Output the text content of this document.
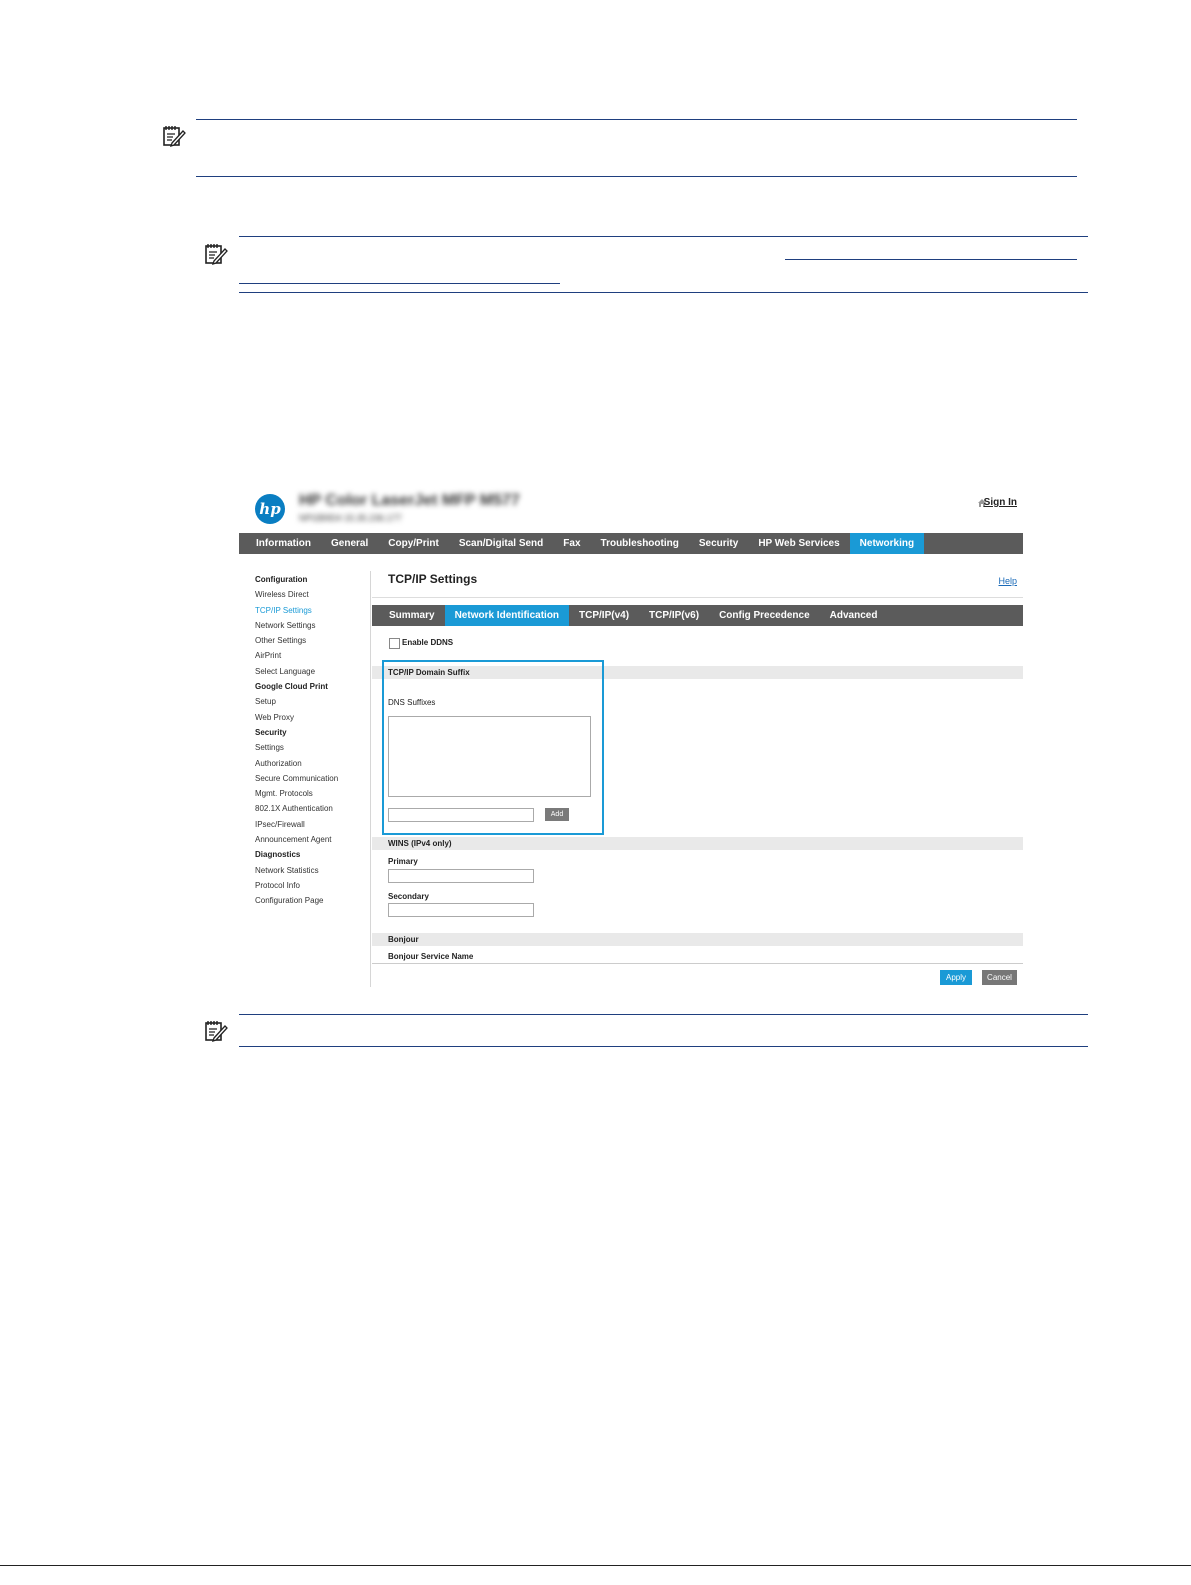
hp HP Color LaserJet MFP M577
NPI2B9D4 15.35.236.177
Sign In
Information	General	Copy/Print	Scan/Digital Send	Fax	Troubleshooting	Security	HP Web Services	Networking
Configuration
Wireless Direct
TCP/IP Settings
Network Settings
Other Settings
AirPrint
Select Language
Google Cloud Print
Setup
Web Proxy
Security
Settings
Authorization
Secure Communication
Mgmt. Protocols
802.1X Authentication
IPsec/Firewall
Announcement Agent
Diagnostics
Network Statistics
Protocol Info
Configuration Page
TCP/IP Settings	Help
Summary	Network Identification	TCP/IP(v4)	TCP/IP(v6)	Config Precedence	Advanced
Enable DDNS
TCP/IP Domain Suffix
DNS Suffixes
Add
WINS (IPv4 only)
Primary
Secondary
Bonjour
Bonjour Service Name
Apply	Cancel
